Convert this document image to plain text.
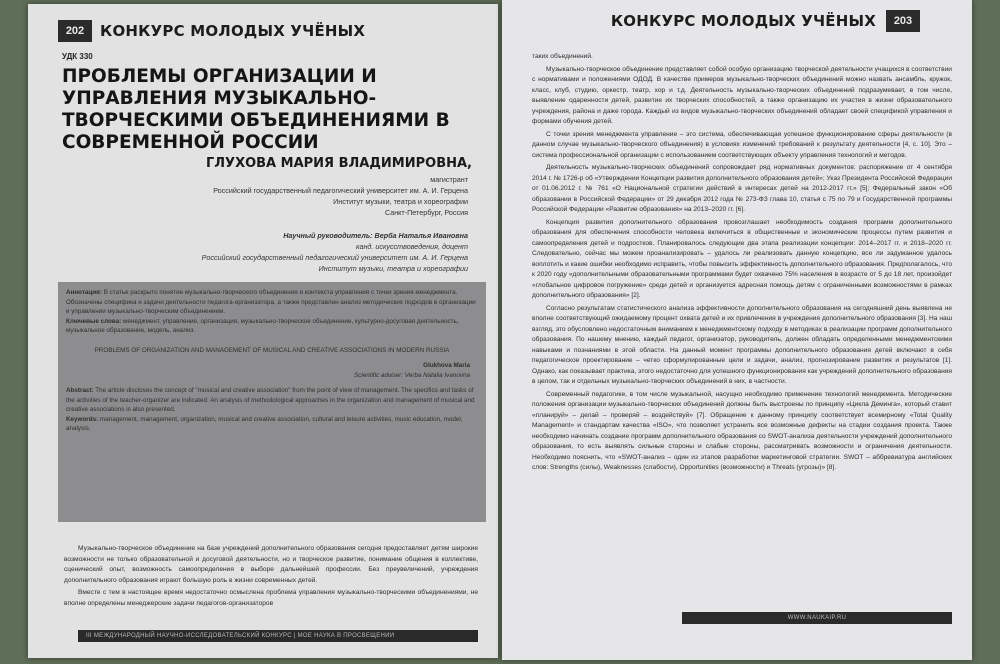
202	КОНКУРС МОЛОДЫХ УЧЁНЫХ
УДК 330
ПРОБЛЕМЫ ОРГАНИЗАЦИИ И УПРАВЛЕНИЯ МУЗЫКАЛЬНО-ТВОРЧЕСКИМИ ОБЪЕДИНЕНИЯМИ В СОВРЕМЕННОЙ РОССИИ
ГЛУХОВА МАРИЯ ВЛАДИМИРОВНА,
магистрант
Российский государственный педагогический университет им. А. И. Герцена
Институт музыки, театра и хореографии
Санкт-Петербург, Россия
Научный руководитель: Верба Наталья Ивановна
канд. искусствоведения, доцент
Российский государственный педагогический университет им. А. И. Герцена
Институт музыки, театра и хореографии
Аннотация: В статье раскрыто понятие музыкально-творческого объединения и контекста управления с точки зрения менеджмента. Обозначены специфика и задачи деятельности педагога-организатора, а также представлен анализ методических подходов в организации и управлении музыкально-творческим объединением.
Ключевые слова: менеджмент, управление, организация, музыкально-творческое объединение, культурно-досуговая деятельность, музыкальное образование, модель, анализ.
PROBLEMS OF ORGANIZATION AND MANAGEMENT OF MUSICAL AND CREATIVE ASSOCIATIONS IN MODERN RUSSIA
Glukhova Maria
Scientific adviser: Verba Natalia Ivanovna
Abstract: The article discloses the concept of "musical and creative association" from the point of view of management. The specifics and tasks of the activities of the teacher-organizer are indicated. An analysis of methodological approaches in the organization and management of musical and creative associations is also presented.
Keywords: management, management, organization, musical and creative association, cultural and leisure activities, music education, model, analysis.

Музыкально-творческое объединение на базе учреждений дополнительного образования сегодня предоставляет детям широкие возможности не только образовательной и досуговой деятельности, но и творческое развитие, понимание общения в коллективе, сценический опыт, возможность самоопределения в выборе дальнейшей профессии. Без преувеличений, учреждения дополнительного образования играют большую роль в жизни современных детей.

Вместе с тем в настоящее время недостаточно осмыслена проблема управления музыкально-творческими объединениями, не вполне определены менеджерские задачи педагогов-организаторов

III МЕЖДУНАРОДНЫЙ НАУЧНО-ИССЛЕДОВАТЕЛЬСКИЙ КОНКУРС | МОЕ НАУКА В ПРОСВЕЩЕНИИ
КОНКУРС МОЛОДЫХ УЧЁНЫХ	203

таких объединений.

Музыкально-творческое объединение представляет собой особую организацию творческой деятельности учащихся в соответствии с нормативами и положениями ОДОД. В качестве примеров музыкально-творческих объединений можно назвать ансамбль, кружок, класс, клуб, студию, оркестр, театр, хор и т.д. Деятельность музыкально-творческих объединений подразумевает, в том числе, выявление одаренности детей, развитие их творческих способностей, а также организацию их участия в жизни образовательного учреждения, района и даже города. Каждый из видов музыкально-творческих объединений обладает своей спецификой управления и формами обучения детей.

С точки зрения менеджмента управление – это система, обеспечивающая успешное функционирование сферы деятельности (в данном случае музыкально-творческого объединения) в условиях изменений требований к результату деятельности [4, с. 10]. Это – система профессиональной организации с использованием соответствующих объекту управления технологий и методов.

Деятельность музыкально-творческих объединений сопровождает ряд нормативных документов: распоряжение от 4 сентября 2014 г. № 1726-р об «Утверждении Концепции развития дополнительного образования детей»; Указ Президента Российской Федерации от 01.06.2012 г. № 761 «О Национальной стратегии действий в интересах детей на 2012-2017 гг.» [5]; Федеральный закон «Об образовании в Российской Федерации» от 29 декабря 2012 года № 273-ФЗ глава 10, статья с 75 по 79 и Государственной программы Российской Федерации «Развитие образования» на 2013–2020 гг. [6].

Концепция развития дополнительного образования провозглашает необходимость создания программ дополнительного образования для обеспечения способности человека включиться в общественные и экономические процессы путем развития и самоопределения детей и подростков. Планировалось следующие два этапа реализации концепции: 2014–2017 гг. и 2018–2020 гг. Следовательно, сейчас мы можем проанализировать – удалось ли реализовать данную концепцию, все ли задуманное удалось воплотить и какие ошибки необходимо исправить, чтобы повысить эффективность дополнительного образования. Предполагалось, что к 2020 году «дополнительными образовательными программами будет охвачено 75% населения в возрасте от 5 до 18 лет, произойдет «глобальное цифровое погружение» среди детей и организуется адресная помощь детям с ограниченными возможностями в рамках дополнительного образования» [2].

Согласно результатам статистического анализа эффективности дополнительного образования на сегодняшний день выявлена не вполне соответствующий ожидаемому процент охвата детей и их привлечения в учреждения дополнительного образования [3]. На наш взгляд, это обусловлено недостаточным вниманием к менеджментскому подходу в методиках в реализации программ дополнительного образования. По нашему мнению, каждый педагог, организатор, руководитель, должен обладать определенными менеджментскими навыками и познаниями в этой области. На данный момент программы дополнительного образования детей включают в себя педагогическое проектирование – четко сформулированные цели и задачи, анализ, прогнозирование развития и результатов [1]. Однако, как показывает практика, этого недостаточно для успешного функционирования как учреждений дополнительного образования в целом, так и отдельных музыкально-творческих объединений в них, в частности.

Современный педагогике, в том числе музыкальной, насущно необходимо применение технологий менеджмента. Методические положения организации музыкально-творческих объединений должны быть выстроены по принципу «Цикла Деминга», который ставит «планируй» – делай – проверяй – воздействуй» [7]. Обращение к данному принципу соответствует всемирному «Total Quality Management» и стандартам качества «ISO», что позволяет устранить все возможные дефекты на стадии создания проекта. Также необходимо начинать создание программ дополнительного образования со SWOT-анализа деятельности учреждений дополнительного образования, то есть выявлять сильные стороны и слабые стороны, рассматривать возможности и ограничения деятельности. Необходимо пояснить, что «SWOT-анализ – один из этапов разработки маркетинговой стратегии. SWOT – аббревиатура английских слов: Strengths (силы), Weaknesses (слабости), Opportunities (возможности) и Threats (угрозы)» [8].

WWW.NAUKAIP.RU
